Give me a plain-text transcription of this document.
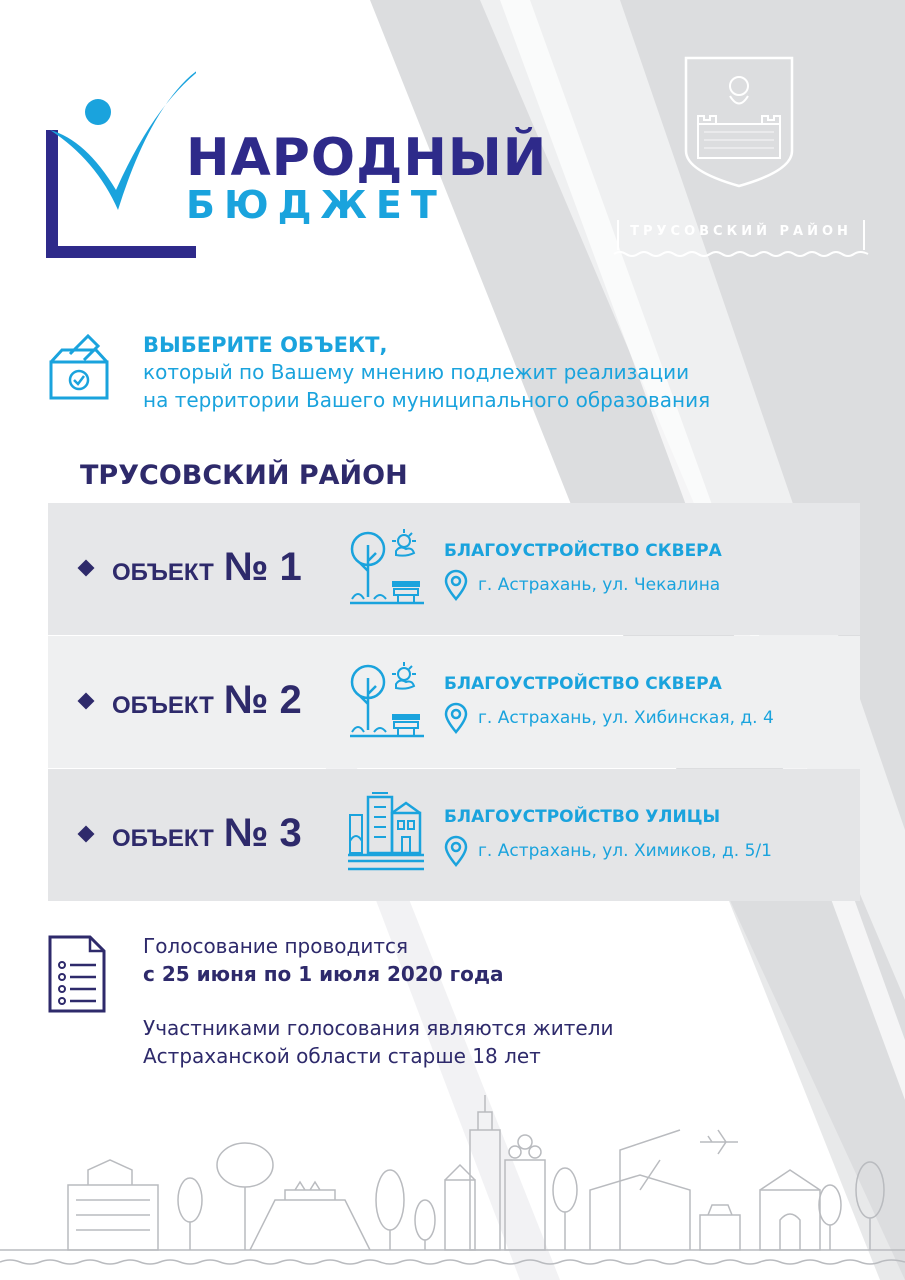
НАРОДНЫЙ
БЮДЖЕТ
ТРУСОВСКИЙ РАЙОН
ВЫБЕРИТЕ ОБЪЕКТ,
который по Вашему мнению подлежит реализации
на территории Вашего муниципального образования
ТРУСОВСКИЙ РАЙОН
ОБЪЕКТ № 1	БЛАГОУСТРОЙСТВО СКВЕРА
г. Астрахань, ул. Чекалина
ОБЪЕКТ № 2	БЛАГОУСТРОЙСТВО СКВЕРА
г. Астрахань, ул. Хибинская, д. 4
ОБЪЕКТ № 3	БЛАГОУСТРОЙСТВО УЛИЦЫ
г. Астрахань, ул. Химиков, д. 5/1

Голосование проводится

с 25 июня по 1 июля 2020 года

Участниками голосования являются жители

Астраханской области старше 18 лет
